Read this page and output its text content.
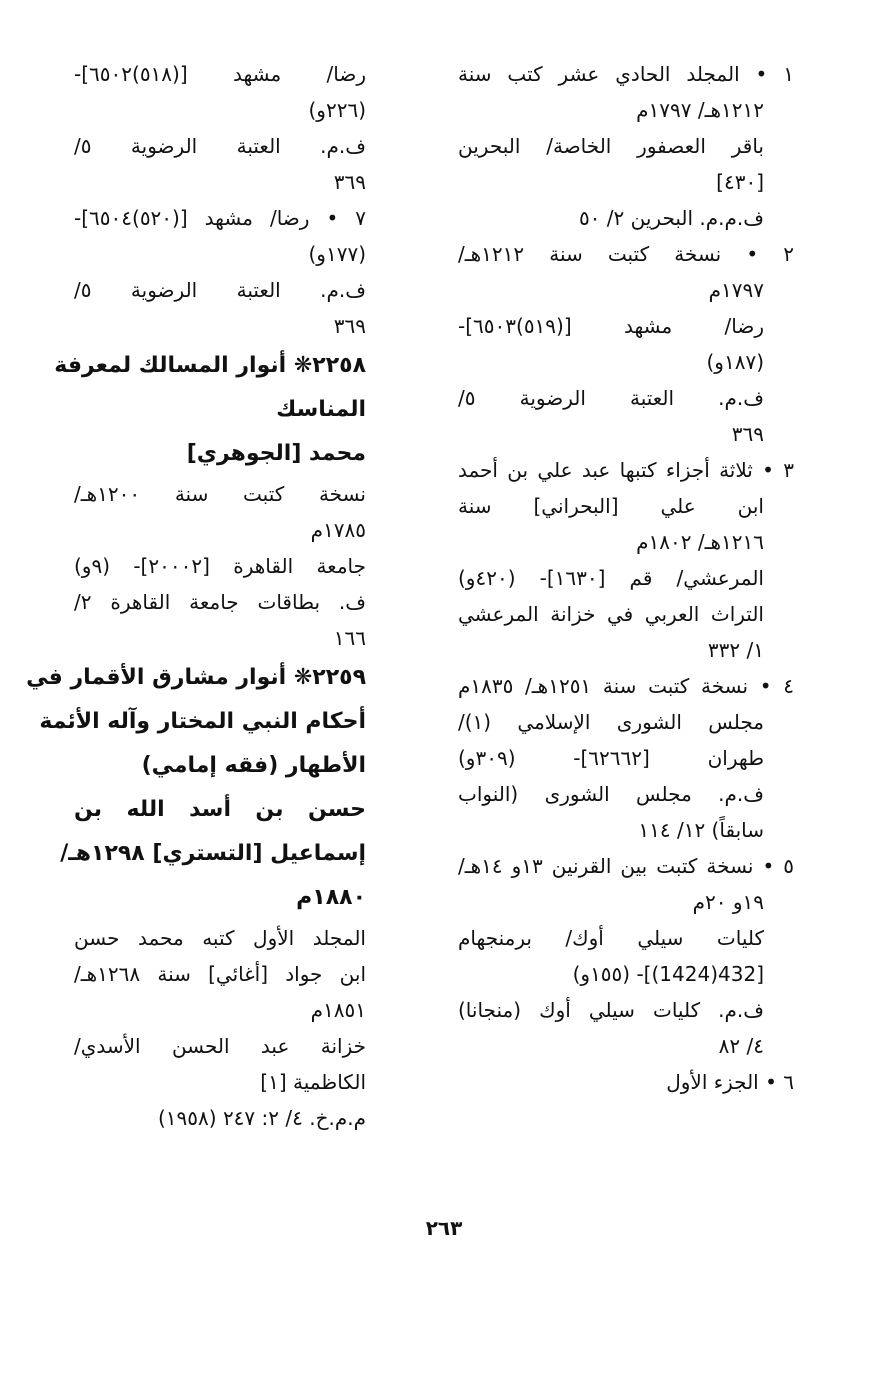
١ • المجلد الحادي عشر كتب سنة
١٢١٢هـ/ ١٧٩٧م
باقر العصفور الخاصة/ البحرين
[٤٣٠]
ف.م.م. البحرين ٢/ ٥٠
٢ • نسخة كتبت سنة ١٢١٢هـ/
١٧٩٧م
رضا/ مشهد [(٥١٩)٦٥٠٣]-
(١٨٧و)
ف.م. العتبة الرضوية ٥/
٣٦٩
٣ • ثلاثة أجزاء كتبها عبد علي بن أحمد
ابن علي [البحراني] سنة
١٢١٦هـ/ ١٨٠٢م
المرعشي/ قم [١٦٣٠]- (٤٢٠و)
التراث العربي في خزانة المرعشي
١/ ٣٣٢
٤ • نسخة كتبت سنة ١٢٥١هـ/ ١٨٣٥م
مجلس الشورى الإسلامي (١)/
طهران [٦٢٦٦٢]- (٣٠٩و)
ف.م. مجلس الشورى (النواب
سابقاً) ١٢/ ١١٤
٥ • نسخة كتبت بين القرنين ١٣و ١٤هـ/
١٩و ٢٠م
كليات سيلي أوك/ برمنجهام
[432(1424)]- (١٥٥و)
ف.م. كليات سيلي أوك (منجانا)
٤/ ٨٢
٦ • الجزء الأول
رضا/ مشهد [(٥١٨)٦٥٠٢]-
(٢٢٦و)
ف.م. العتبة الرضوية ٥/
٣٦٩
٧ • رضا/ مشهد [(٥٢٠)٦٥٠٤]-
(١٧٧و)
ف.م. العتبة الرضوية ٥/
٣٦٩
٢٢٥٨❋ أنوار المسالك لمعرفة
المناسك
محمد [الجوهري]
نسخة كتبت سنة ١٢٠٠هـ/
١٧٨٥م
جامعة القاهرة [٢٠٠٠٢]- (٩و)
ف. بطاقات جامعة القاهرة ٢/
١٦٦
٢٢٥٩❋ أنوار مشارق الأقمار في
أحكام النبي المختار وآله الأئمة
الأطهار (فقه إمامي)
حسن بن أسد الله بن
إسماعيل [التستري] ١٢٩٨هـ/
١٨٨٠م
المجلد الأول كتبه محمد حسن
ابن جواد [أغائي] سنة ١٢٦٨هـ/
١٨٥١م
خزانة عبد الحسن الأسدي/
الكاظمية [١]
م.م.خ. ٤/ ٢: ٢٤٧ (١٩٥٨)
٢٦٣
